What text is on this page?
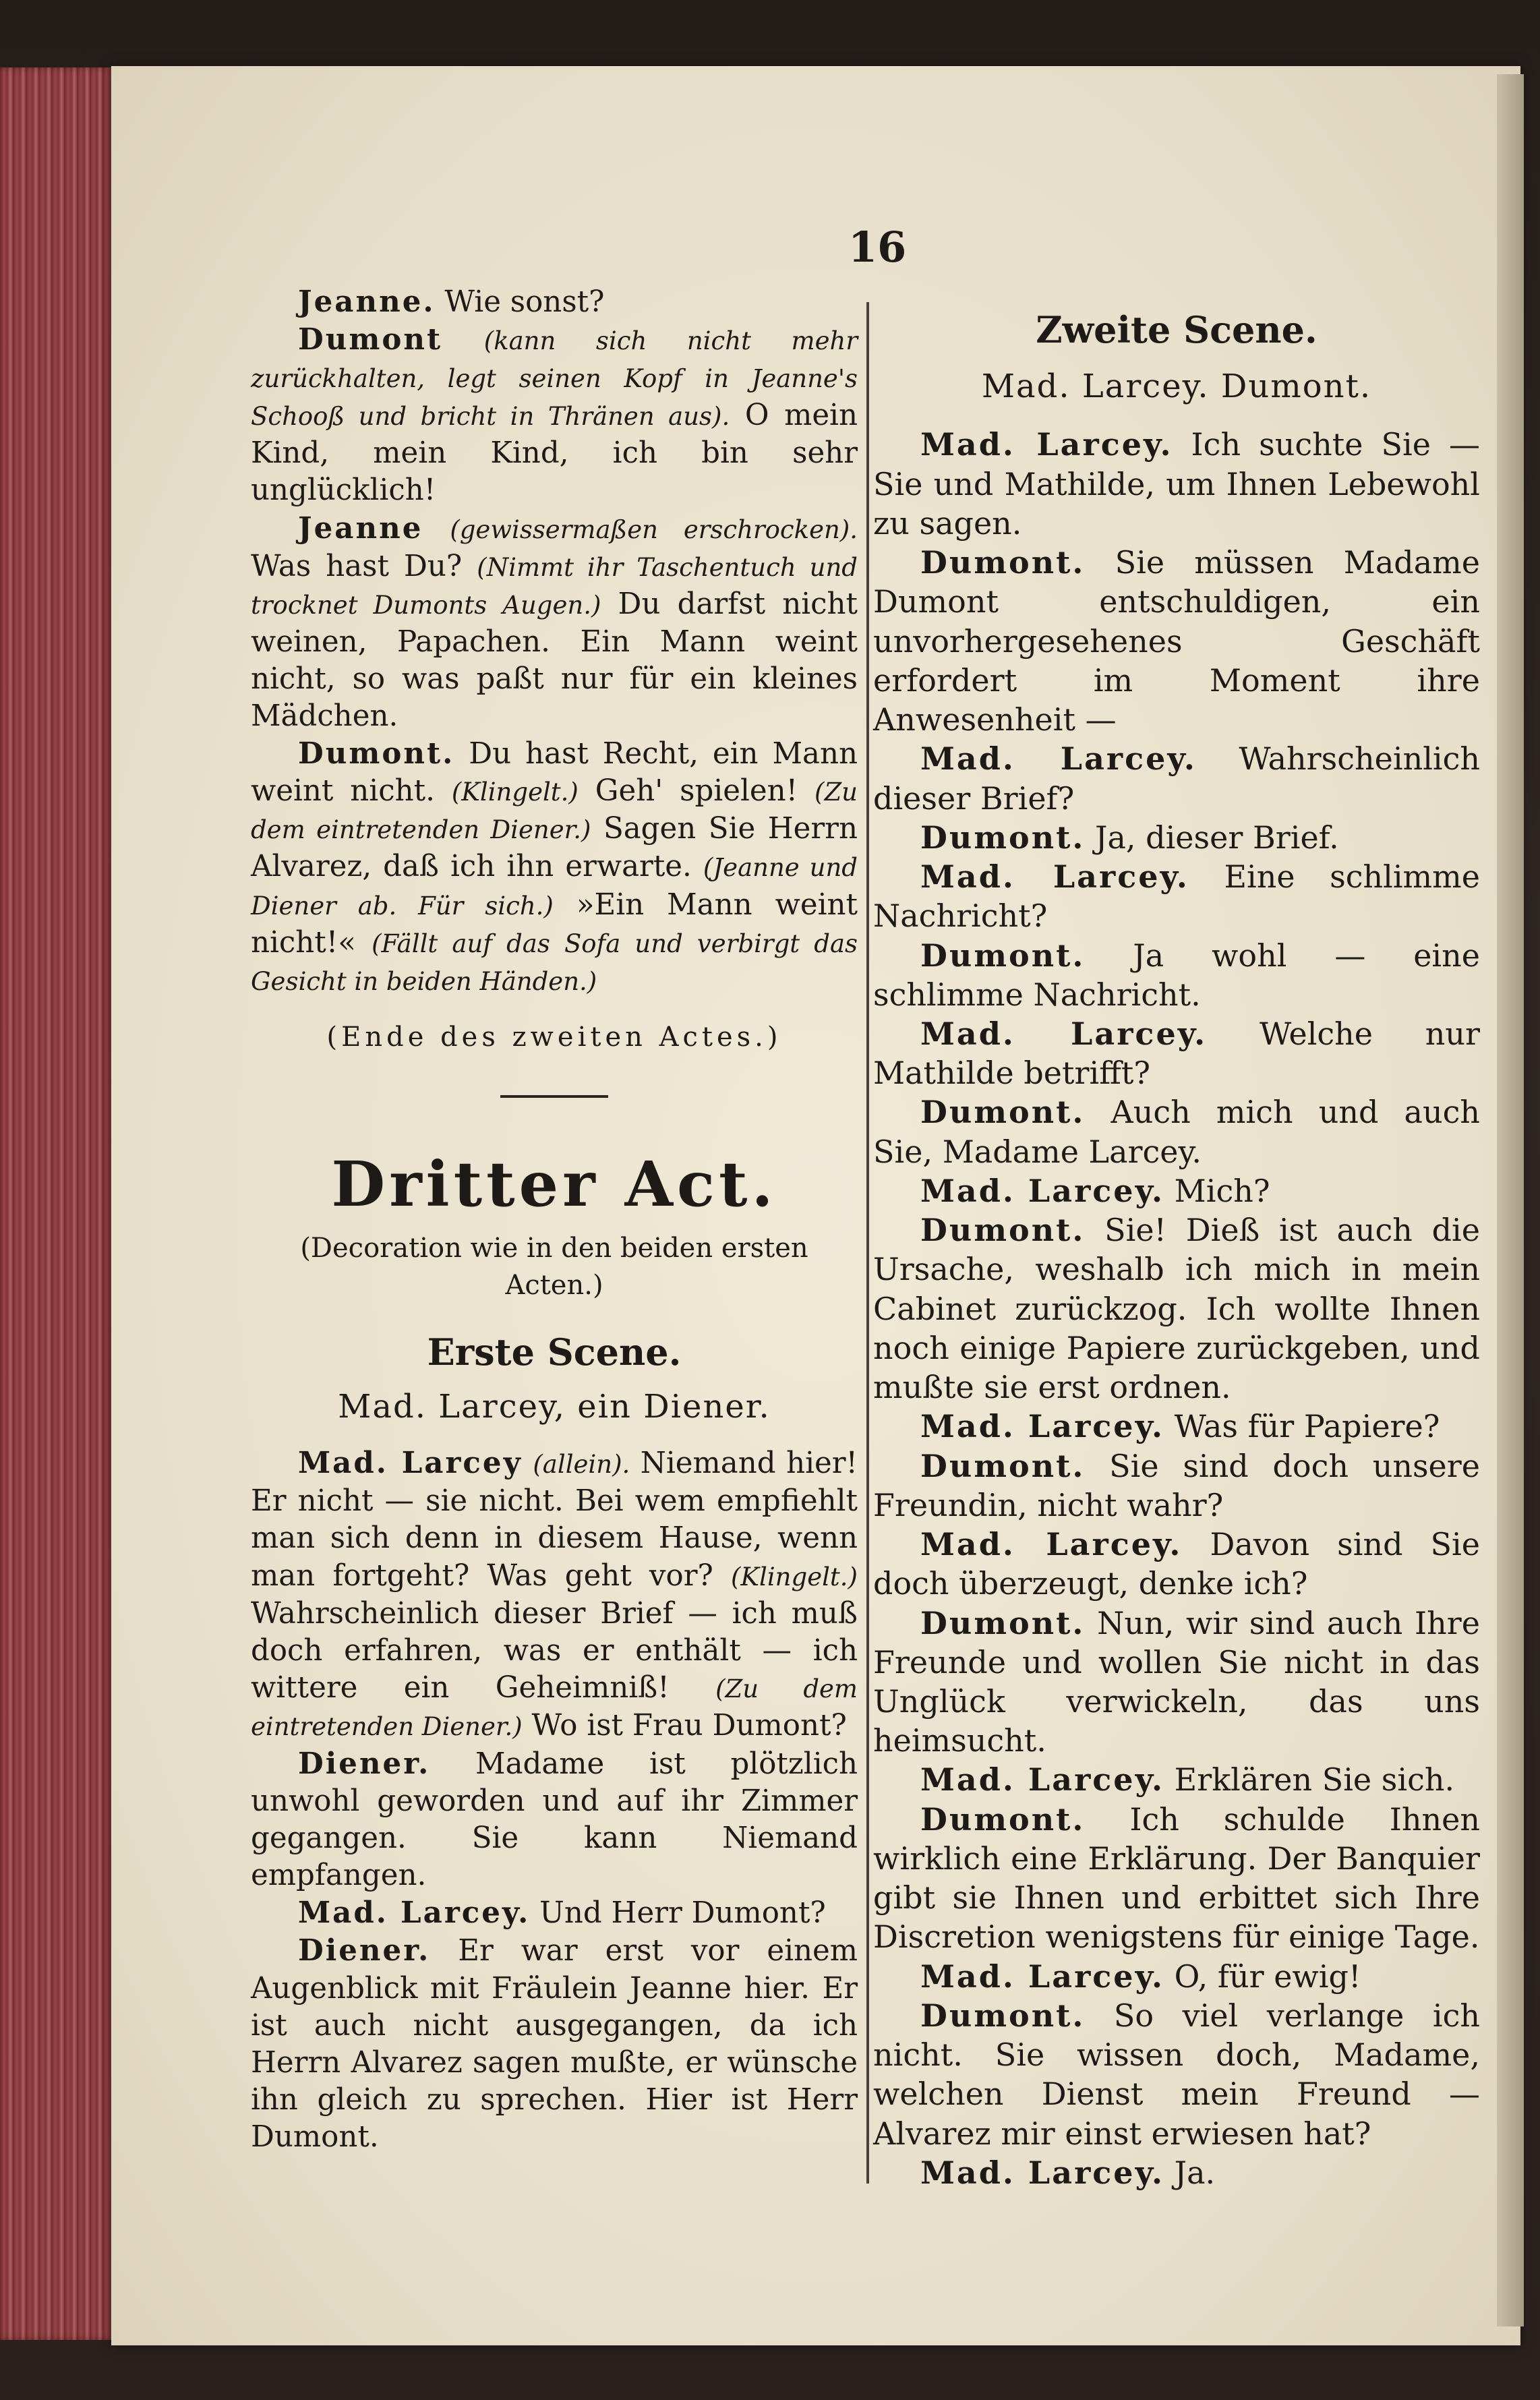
16

Jeanne. Wie sonst?

Dumont (kann sich nicht mehr zurückhalten, legt seinen Kopf in Jeanne's Schooß und bricht in Thränen aus). O mein Kind, mein Kind, ich bin sehr unglücklich!

Jeanne (gewissermaßen erschrocken). Was hast Du? (Nimmt ihr Taschentuch und trocknet Dumonts Augen.) Du darfst nicht weinen, Papachen. Ein Mann weint nicht, so was paßt nur für ein kleines Mädchen.

Dumont. Du hast Recht, ein Mann weint nicht. (Klingelt.) Geh' spielen! (Zu dem eintretenden Diener.) Sagen Sie Herrn Alvarez, daß ich ihn erwarte. (Jeanne und Diener ab. Für sich.) »Ein Mann weint nicht!« (Fällt auf das Sofa und verbirgt das Gesicht in beiden Händen.)

(Ende des zweiten Actes.)

Dritter Act.

(Decoration wie in den beiden ersten Acten.)

Erste Scene.

Mad. Larcey, ein Diener.

Mad. Larcey (allein). Niemand hier! Er nicht — sie nicht. Bei wem empfiehlt man sich denn in diesem Hause, wenn man fortgeht? Was geht vor? (Klingelt.) Wahrscheinlich dieser Brief — ich muß doch erfahren, was er enthält — ich wittere ein Geheimniß! (Zu dem eintretenden Diener.) Wo ist Frau Dumont?

Diener. Madame ist plötzlich unwohl geworden und auf ihr Zimmer gegangen. Sie kann Niemand empfangen.

Mad. Larcey. Und Herr Dumont?

Diener. Er war erst vor einem Augenblick mit Fräulein Jeanne hier. Er ist auch nicht ausgegangen, da ich Herrn Alvarez sagen mußte, er wünsche ihn gleich zu sprechen. Hier ist Herr Dumont.

Zweite Scene.

Mad. Larcey. Dumont.

Mad. Larcey. Ich suchte Sie — Sie und Mathilde, um Ihnen Lebewohl zu sagen.

Dumont. Sie müssen Madame Dumont entschuldigen, ein unvorhergesehenes Geschäft erfordert im Moment ihre Anwesenheit —

Mad. Larcey. Wahrscheinlich dieser Brief?

Dumont. Ja, dieser Brief.

Mad. Larcey. Eine schlimme Nachricht?

Dumont. Ja wohl — eine schlimme Nachricht.

Mad. Larcey. Welche nur Mathilde betrifft?

Dumont. Auch mich und auch Sie, Madame Larcey.

Mad. Larcey. Mich?

Dumont. Sie! Dieß ist auch die Ursache, weshalb ich mich in mein Cabinet zurückzog. Ich wollte Ihnen noch einige Papiere zurückgeben, und mußte sie erst ordnen.

Mad. Larcey. Was für Papiere?

Dumont. Sie sind doch unsere Freundin, nicht wahr?

Mad. Larcey. Davon sind Sie doch überzeugt, denke ich?

Dumont. Nun, wir sind auch Ihre Freunde und wollen Sie nicht in das Unglück verwickeln, das uns heimsucht.

Mad. Larcey. Erklären Sie sich.

Dumont. Ich schulde Ihnen wirklich eine Erklärung. Der Banquier gibt sie Ihnen und erbittet sich Ihre Discretion wenigstens für einige Tage.

Mad. Larcey. O, für ewig!

Dumont. So viel verlange ich nicht. Sie wissen doch, Madame, welchen Dienst mein Freund — Alvarez mir einst erwiesen hat?

Mad. Larcey. Ja.
